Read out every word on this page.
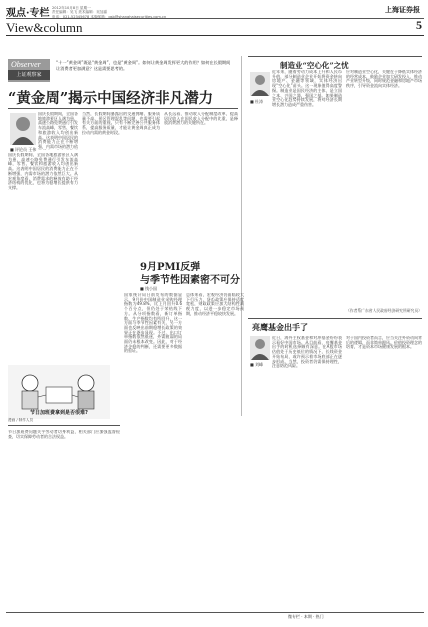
观点·专栏 2012年10月8日 星期一
责任编辑：吴飞 美术编辑：吴加嘉
电话：021-52345678 本版邮箱：gsb@shanghaisecurities.com.cn
上海证券报
View&column	5
Observer
上证观察家
“十一”黄金周”既是“黄金周”，也是“黄金周”。如何让黄金周发挥更大的作用？如何在长假期间让消费者更加满意？这是需要思考的。
“黄金周”揭示中国经济非凡潜力
■ 评论员 王伟
国庆长假期间，全国各地旅游景区人满为患，高速公路免费通行引发车流高峰，零售、餐饮和旅游收入均创出新高。这表明中国居民的消费能力正在不断增强，内需市场的潜力依
国庆长假期间，全国各地旅游景区人满为患，高速公路免费通行引发车流高峰，零售、餐饮和旅游收入均创出新高。这表明中国居民的消费能力正在不断增强，内需市场的潜力依然巨大。从宏观角度看，消费需求的释放有助于经济结构的优化，也将为稳增长提供有力支撑。
当然，长假期间暴露出的交通拥堵、服务质量不高、景区管理混乱等问题，也需要引起有关方面的重视。只有不断完善公共服务体系，提高服务质量，才能让黄金周真正成为拉动内需的黄金时段。
从长远看，推动收入分配制度改革，提高居民收入在国民收入分配中的比重，是释放消费潜力的关键所在。
节日加班费拿到是否很难?
漫画 / 制作人员
节日加班费问题关乎劳动者切身利益，相关部门应加强监督检查，切实保障劳动者的合法权益。
9月PMI反弹
与季节性因素密不可分
■ 钱小国
国家统计局日前发布的数据显示，9月份中国制造业采购经理指数为49.8%，比上月回升0.6个百分点，但仍处于荣枯线下方。从分项指数看，新订单指数、生产指数均有所回升，这一方面与季节性因素有关，另一方面也反映出前期稳增长政策的效果正在逐步显现。不过，出口订单指数依然低迷，外需疲弱的局面仍未根本改变。因此，对于经济企稳的判断，还需要更多数据的验证。
总体来看，宏观经济仍面临较大下行压力，货币政策应保持适度宽松，财政政策应加大结构性减税力度，以进一步稳定市场预期，推动经济平稳较快发展。
制造业“空心化”之忧
■ 杜涛
近年来，随着劳动力成本上升和人民币升值，部分制造业企业开始将资金转向房地产、金融等领域，实体经济出现“空心化”苗头。这一现象值得高度警惕。制造业是国民经济的主体，是立国之本、兴国之器、强国之基。如果制造业空心化趋势持续发展，将对经济长期增长潜力造成严重伤害。
应对制造业空心化，关键在于降低实体经济的经营成本，鼓励企业加大研发投入，推动产业转型升级，同时规范金融和房地产市场秩序，引导资金流向实体经济。
（作者系广东省人民政府经济研究所研究员）
亮鹰基金出手了
■ 刘峰
近日，海外主权基金和对冲基金纷纷表示看好中国市场。从目前看，亮鹰基金出手的时机选择颇有深意。在A股市场估值处于历史低位的情况下，长线资金开始布局，或许预示着市场底部正在逐步形成。当然，投资者仍需保持理性，注意防范风险。
对于国内投资者而言，应当关注外资动向背后的逻辑，而非简单跟风。价值投资理念的培育，才是资本市场健康发展的根本。
微专栏 · 本期 · 热门
